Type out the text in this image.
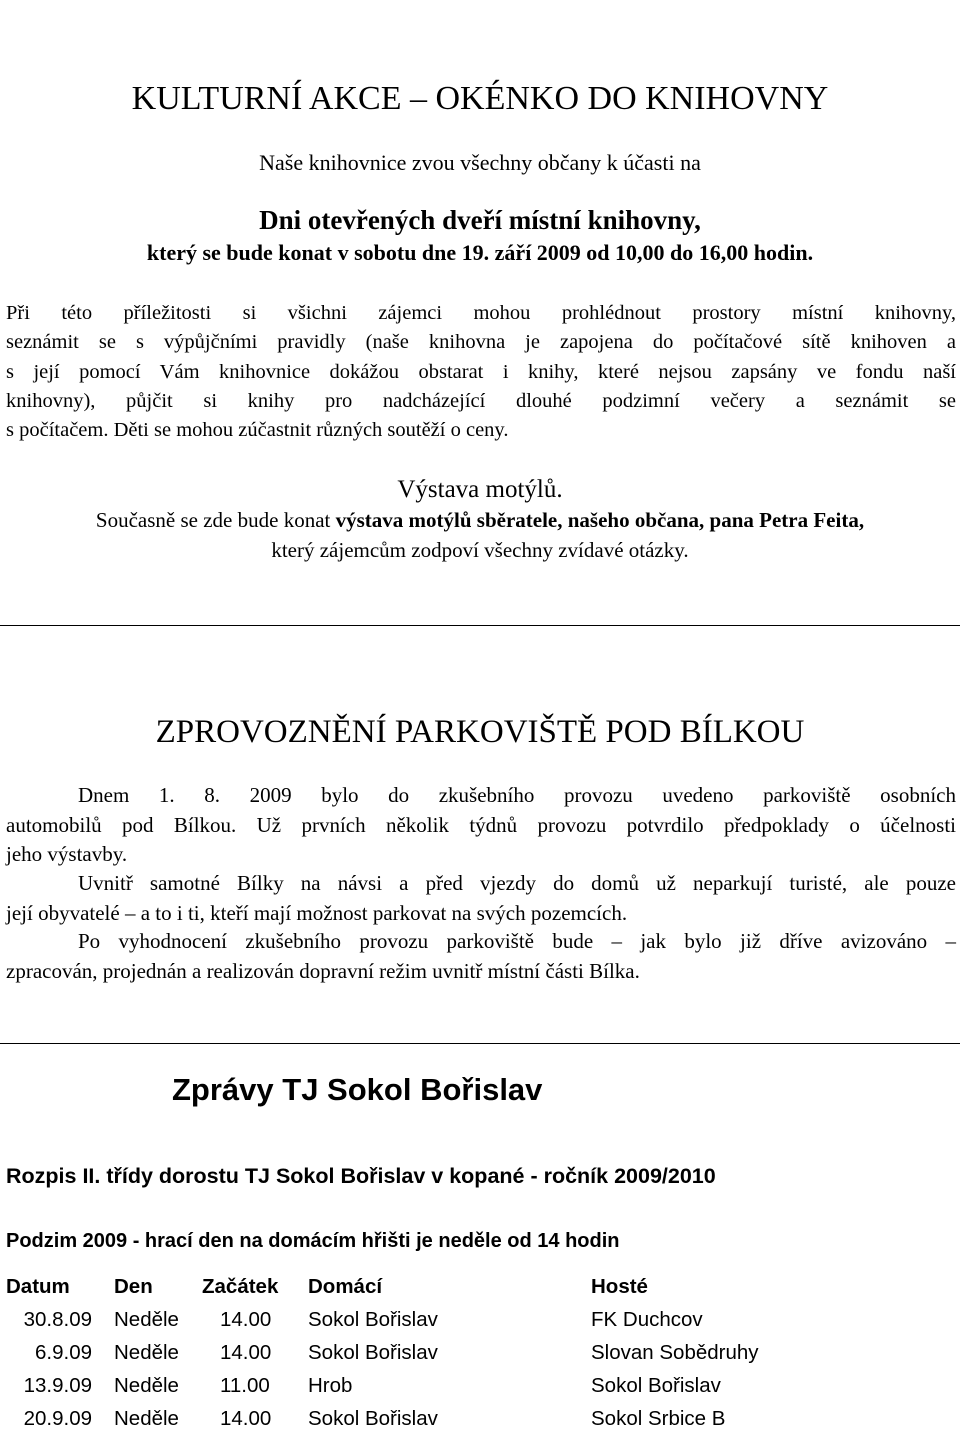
KULTURNÍ AKCE – OKÉNKO DO KNIHOVNY
Naše knihovnice zvou všechny občany k účasti na
Dni otevřených dveří místní knihovny,
který se bude konat v sobotu dne 19. září 2009 od 10,00 do 16,00 hodin.
Při této příležitosti si všichni zájemci mohou prohlédnout prostory místní knihovny,
seznámit se s výpůjčními pravidly (naše knihovna je zapojena do počítačové sítě knihoven a
s její pomocí Vám knihovnice dokážou obstarat i knihy, které nejsou zapsány ve fondu naší
knihovny), půjčit si knihy pro nadcházející dlouhé podzimní večery a seznámit se
s počítačem. Děti se mohou zúčastnit různých soutěží o ceny.
Výstava motýlů.
Současně se zde bude konat výstava motýlů sběratele, našeho občana, pana Petra Feita,
který zájemcům zodpoví všechny zvídavé otázky.
ZPROVOZNĚNÍ PARKOVIŠTĚ POD BÍLKOU
Dnem 1. 8. 2009 bylo do zkušebního provozu uvedeno parkoviště osobních
automobilů pod Bílkou. Už prvních několik týdnů provozu potvrdilo předpoklady o účelnosti
jeho výstavby.
Uvnitř samotné Bílky na návsi a před vjezdy do domů už neparkují turisté, ale pouze
její obyvatelé – a to i ti, kteří mají možnost parkovat na svých pozemcích.
Po vyhodnocení zkušebního provozu parkoviště bude – jak bylo již dříve avizováno –
zpracován, projednán a realizován dopravní režim uvnitř místní části Bílka.
Zprávy TJ Sokol Bořislav
Rozpis II. třídy dorostu TJ Sokol Bořislav v kopané - ročník 2009/2010
Podzim 2009 - hrací den na domácím hřišti je neděle od 14 hodin
Datum Den Začátek Domácí	Hosté
30.8.09 Neděle 14.00 Sokol Bořislav	FK Duchcov
6.9.09 Neděle 14.00 Sokol Bořislav	Slovan Sobědruhy
13.9.09 Neděle 11.00 Hrob	Sokol Bořislav
20.9.09 Neděle 14.00 Sokol Bořislav	Sokol Srbice B
